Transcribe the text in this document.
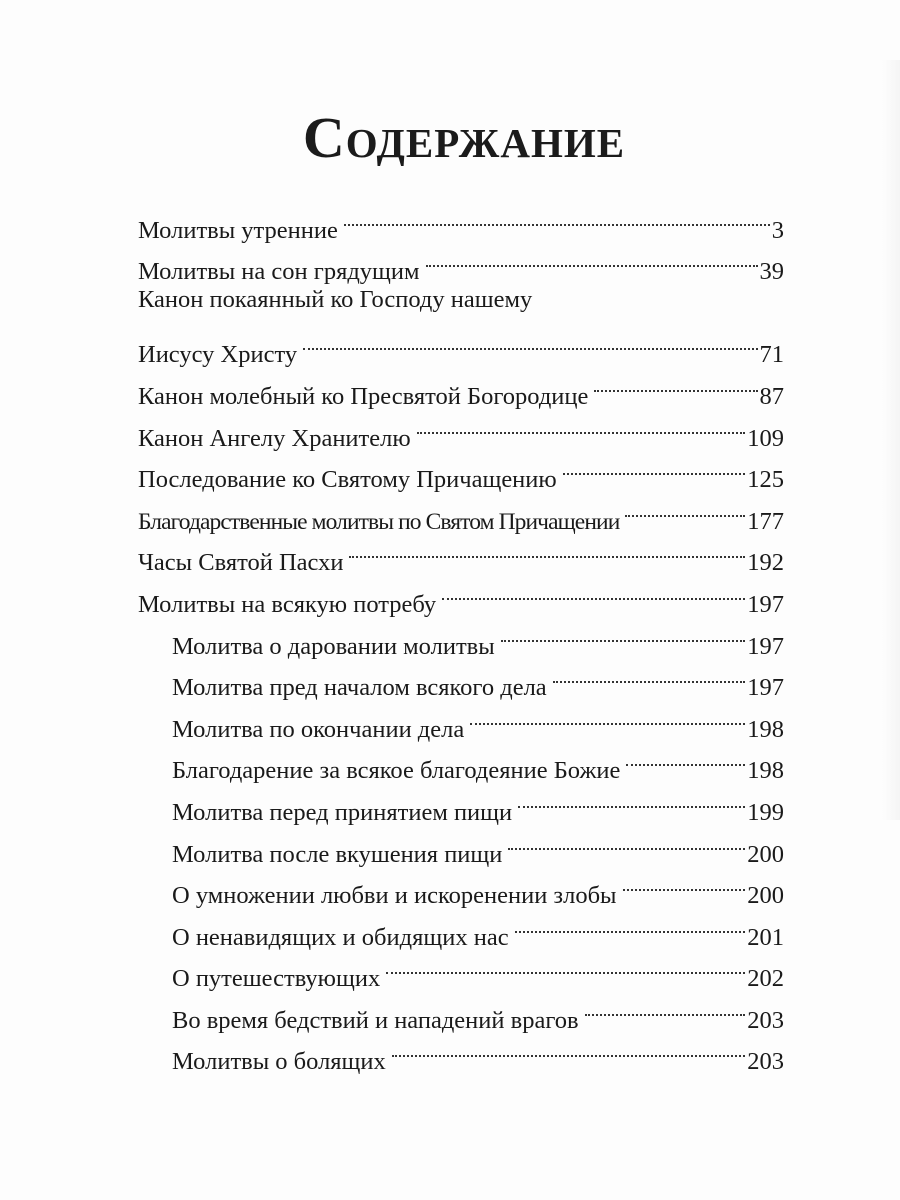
Содержание
Молитвы утренние	3
Молитвы на сон грядущим	39
Канон покаянный ко Господу нашему
Иисусу Христу	71
Канон молебный ко Пресвятой Богородице	87
Канон Ангелу Хранителю	109
Последование ко Святому Причащению	125
Благодарственные молитвы по Святом Причащении	177
Часы Святой Пасхи	192
Молитвы на всякую потребу	197
Молитва о даровании молитвы	197
Молитва пред началом всякого дела	197
Молитва по окончании дела	198
Благодарение за всякое благодеяние Божие	198
Молитва перед принятием пищи	199
Молитва после вкушения пищи	200
О умножении любви и искоренении злобы	200
О ненавидящих и обидящих нас	201
О путешествующих	202
Во время бедствий и нападений врагов	203
Молитвы о болящих	203
